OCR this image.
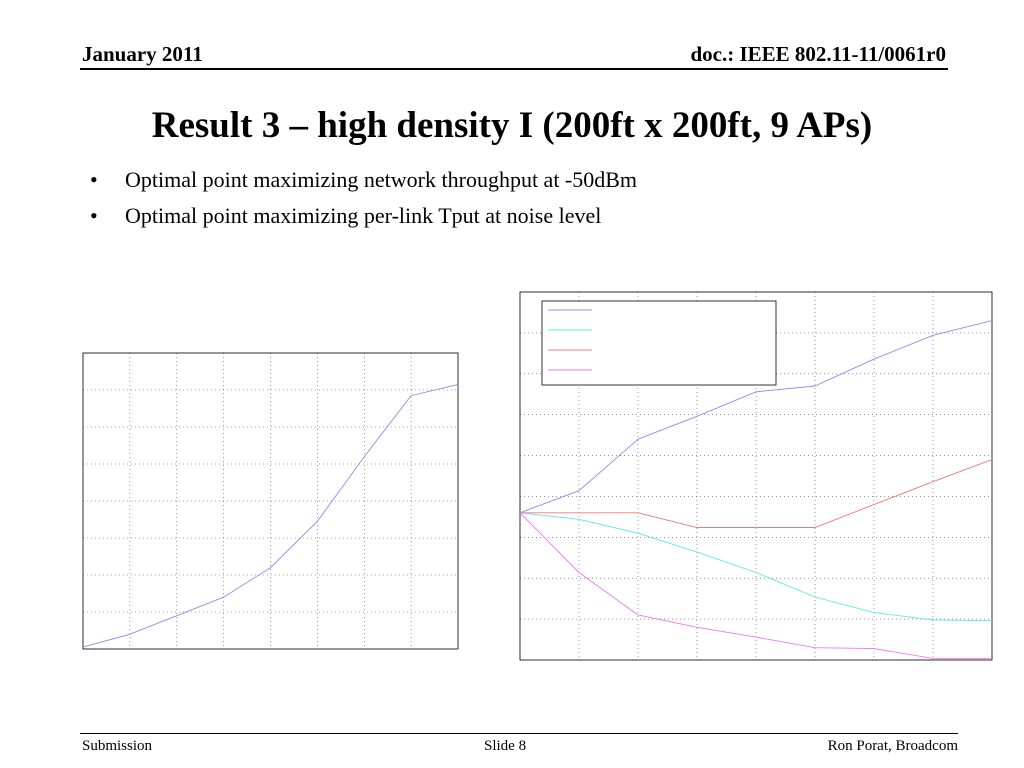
January 2011	doc.: IEEE 802.11-11/0061r0
Result 3 – high density I (200ft x 200ft, 9 APs)
•	Optimal point maximizing network throughput at -50dBm
•	Optimal point maximizing per-link Tput at noise level
Submission	Slide 8	Ron Porat, Broadcom
